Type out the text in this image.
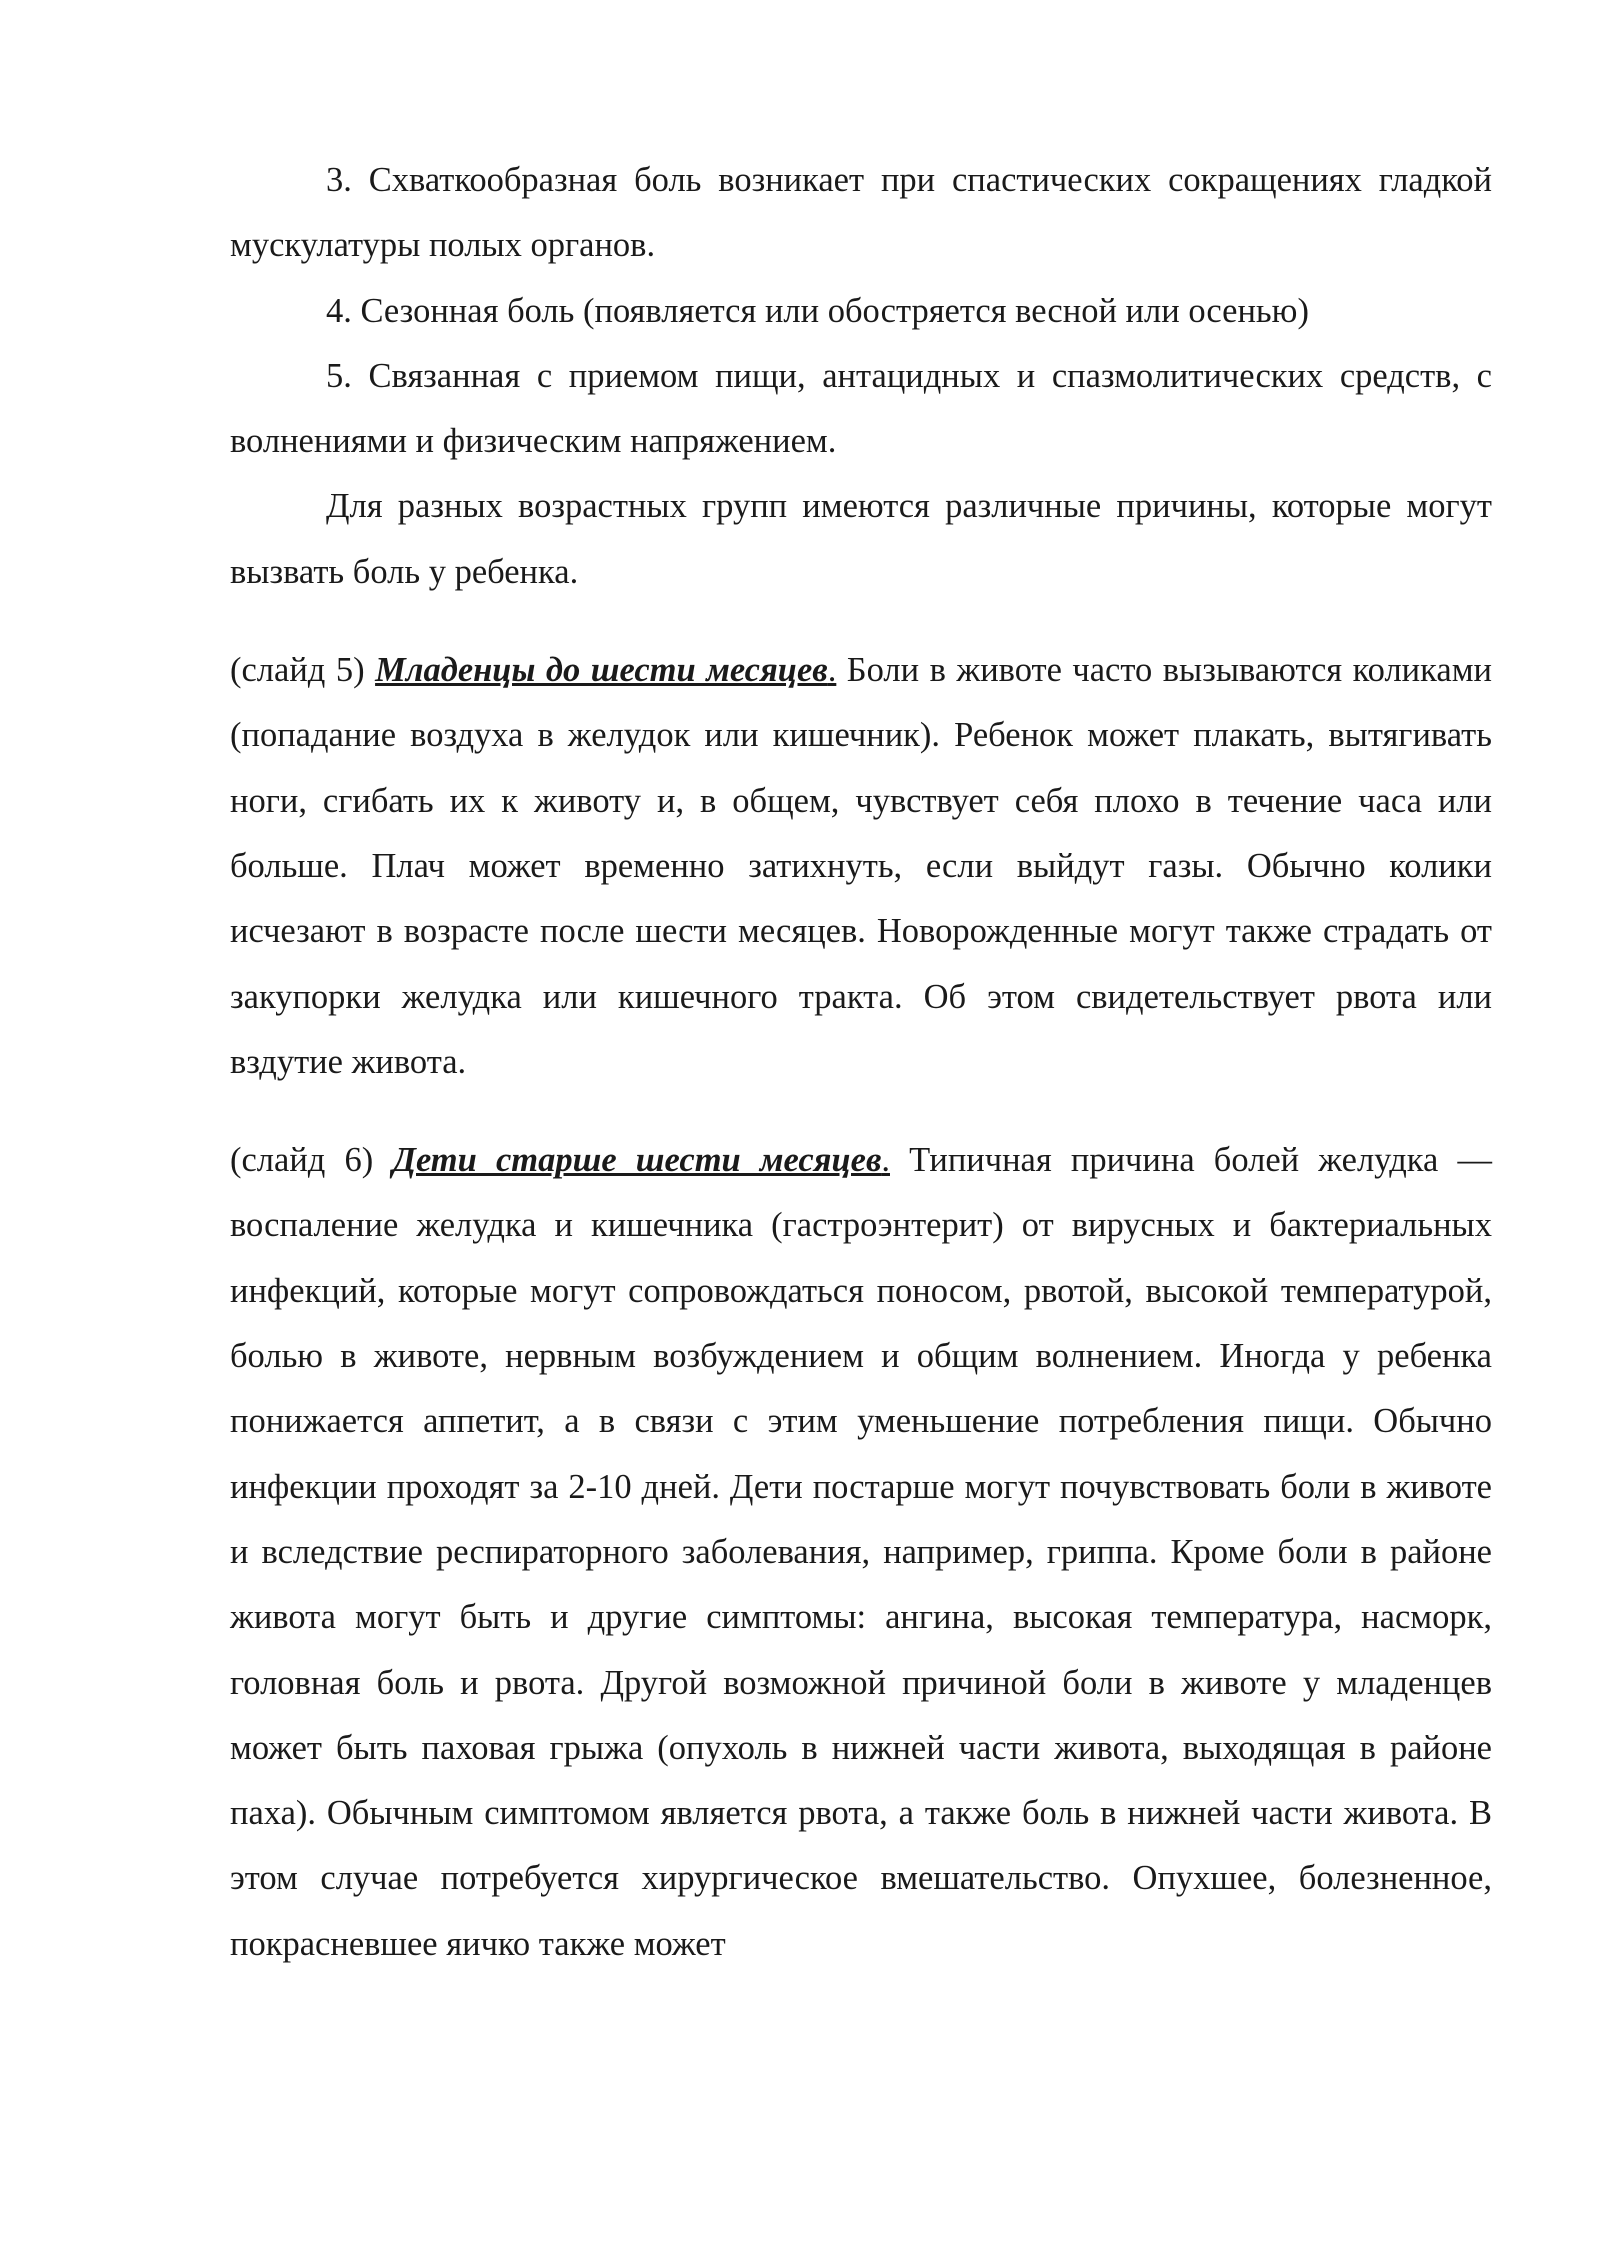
3. Схваткообразная боль возникает при спастических сокращениях гладкой мускулатуры полых органов.

4. Сезонная боль (появляется или обостряется весной или осенью)

5. Связанная с приемом пищи, антацидных и спазмолитических средств, с волнениями и физическим напряжением.

Для разных возрастных групп имеются различные причины, которые могут вызвать боль у ребенка.

(слайд 5) Младенцы до шести месяцев. Боли в животе часто вызываются коликами (попадание воздуха в желудок или кишечник). Ребенок может плакать, вытягивать ноги, сгибать их к животу и, в общем, чувствует себя плохо в течение часа или больше. Плач может временно затихнуть, если выйдут газы. Обычно колики исчезают в возрасте после шести месяцев. Новорожденные могут также страдать от закупорки желудка или кишечного тракта. Об этом свидетельствует рвота или вздутие живота.

(слайд 6) Дети старше шести месяцев. Типичная причина болей желудка — воспаление желудка и кишечника (гастроэнтерит) от вирусных и бактериальных инфекций, которые могут сопровождаться поносом, рвотой, высокой температурой, болью в животе, нервным возбуждением и общим волнением. Иногда у ребенка понижается аппетит, а в связи с этим уменьшение потребления пищи. Обычно инфекции проходят за 2-10 дней. Дети постарше могут почувствовать боли в животе и вследствие респираторного заболевания, например, гриппа. Кроме боли в районе живота могут быть и другие симптомы: ангина, высокая температура, насморк, головная боль и рвота. Другой возможной причиной боли в животе у младенцев может быть паховая грыжа (опухоль в нижней части живота, выходящая в районе паха). Обычным симптомом является рвота, а также боль в нижней части живота. В этом случае потребуется хирургическое вмешательство. Опухшее, болезненное, покрасневшее яичко также может
